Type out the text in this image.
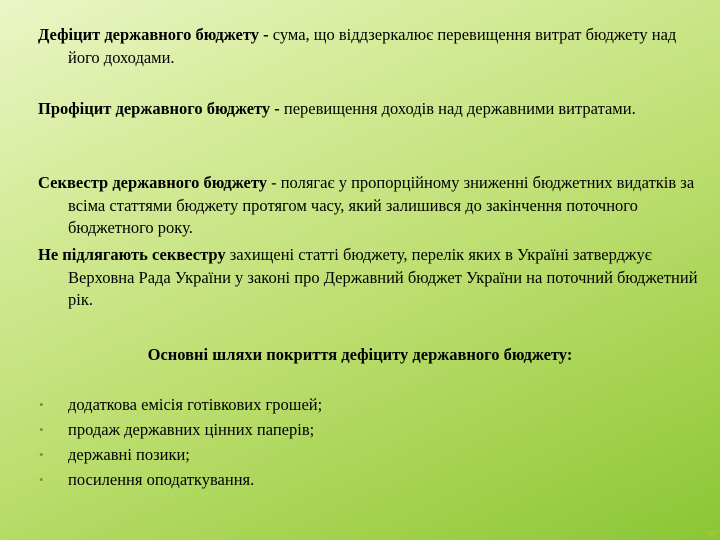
Дефіцит державного бюджету - сума, що віддзеркалює перевищення витрат бюджету над його доходами.
Профіцит державного бюджету - перевищення доходів над державними витратами.
Секвестр державного бюджету - полягає у пропорційному зниженні бюджетних видатків за всіма статтями бюджету протягом часу, який залишився до закінчення поточного бюджетного року.
Не підлягають секвестру захищені статті бюджету, перелік яких в Україні затверджує Верховна Рада України у законі про Державний бюджет України на поточний бюджетний рік.
Основні шляхи покриття дефіциту державного бюджету:
• додаткова емісія готівкових грошей;
• продаж державних цінних паперів;
• державні позики;
• посилення оподаткування.
